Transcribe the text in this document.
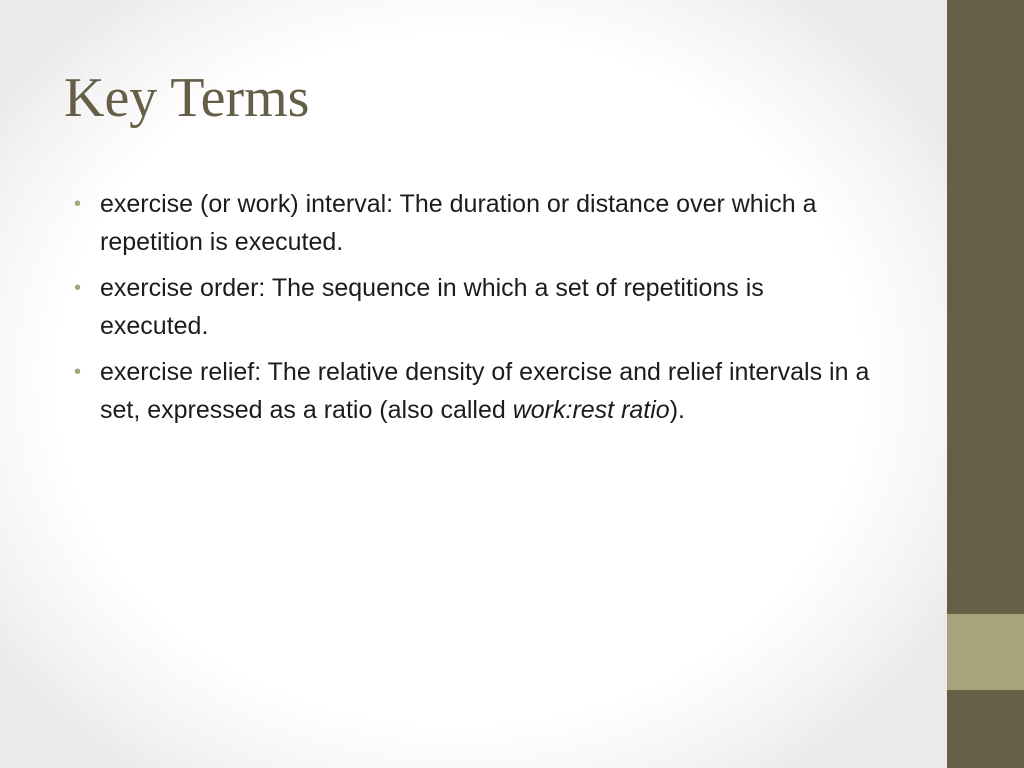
Key Terms
• exercise (or work) interval: The duration or distance over which a repetition is executed.
• exercise order: The sequence in which a set of repetitions is executed.
• exercise relief: The relative density of exercise and relief intervals in a set, expressed as a ratio (also called work:rest ratio).
